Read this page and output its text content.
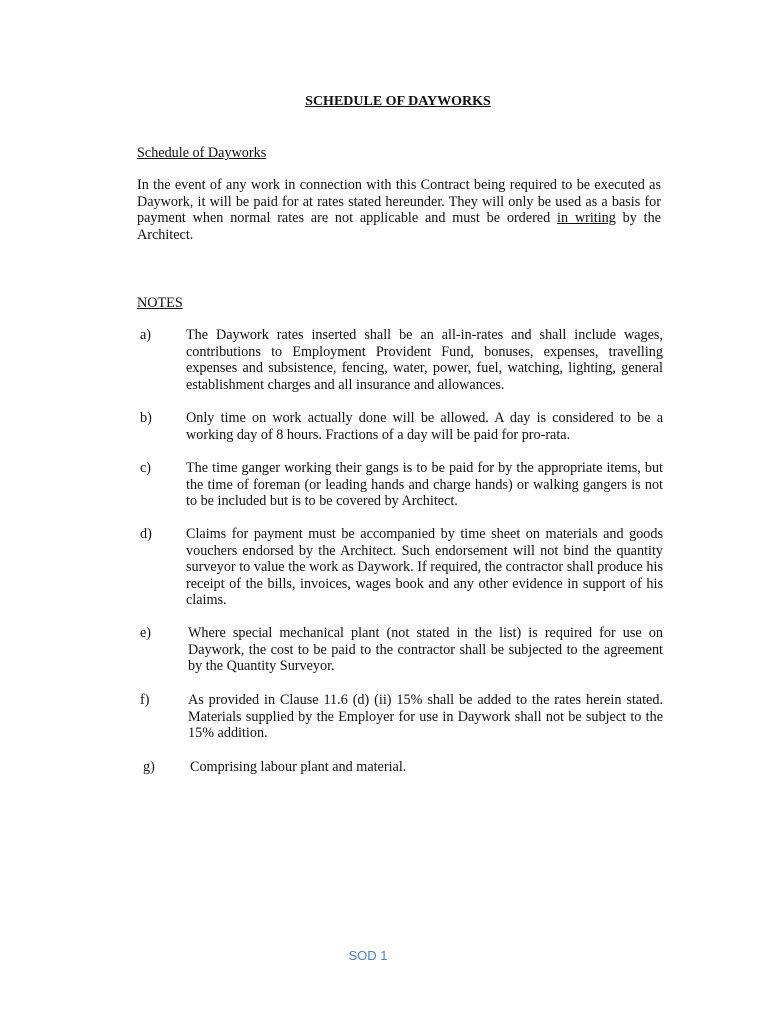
SCHEDULE OF DAYWORKS
Schedule of Dayworks
In the event of any work in connection with this Contract being required to be executed as Daywork, it will be paid for at rates stated hereunder. They will only be used as a basis for payment when normal rates are not applicable and must be ordered in writing by the Architect.
NOTES
a) The Daywork rates inserted shall be an all-in-rates and shall include wages, contributions to Employment Provident Fund, bonuses, expenses, travelling expenses and subsistence, fencing, water, power, fuel, watching, lighting, general establishment charges and all insurance and allowances.
b) Only time on work actually done will be allowed. A day is considered to be a working day of 8 hours. Fractions of a day will be paid for pro-rata.
c) The time ganger working their gangs is to be paid for by the appropriate items, but the time of foreman (or leading hands and charge hands) or walking gangers is not to be included but is to be covered by Architect.
d) Claims for payment must be accompanied by time sheet on materials and goods vouchers endorsed by the Architect. Such endorsement will not bind the quantity surveyor to value the work as Daywork. If required, the contractor shall produce his receipt of the bills, invoices, wages book and any other evidence in support of his claims.
e)	Where special mechanical plant (not stated in the list) is required for use on Daywork, the cost to be paid to the contractor shall be subjected to the agreement by the Quantity Surveyor.
f)	As provided in Clause 11.6 (d) (ii) 15% shall be added to the rates herein stated. Materials supplied by the Employer for use in Daywork shall not be subject to the 15% addition.
g) Comprising labour plant and material.
SOD 1
